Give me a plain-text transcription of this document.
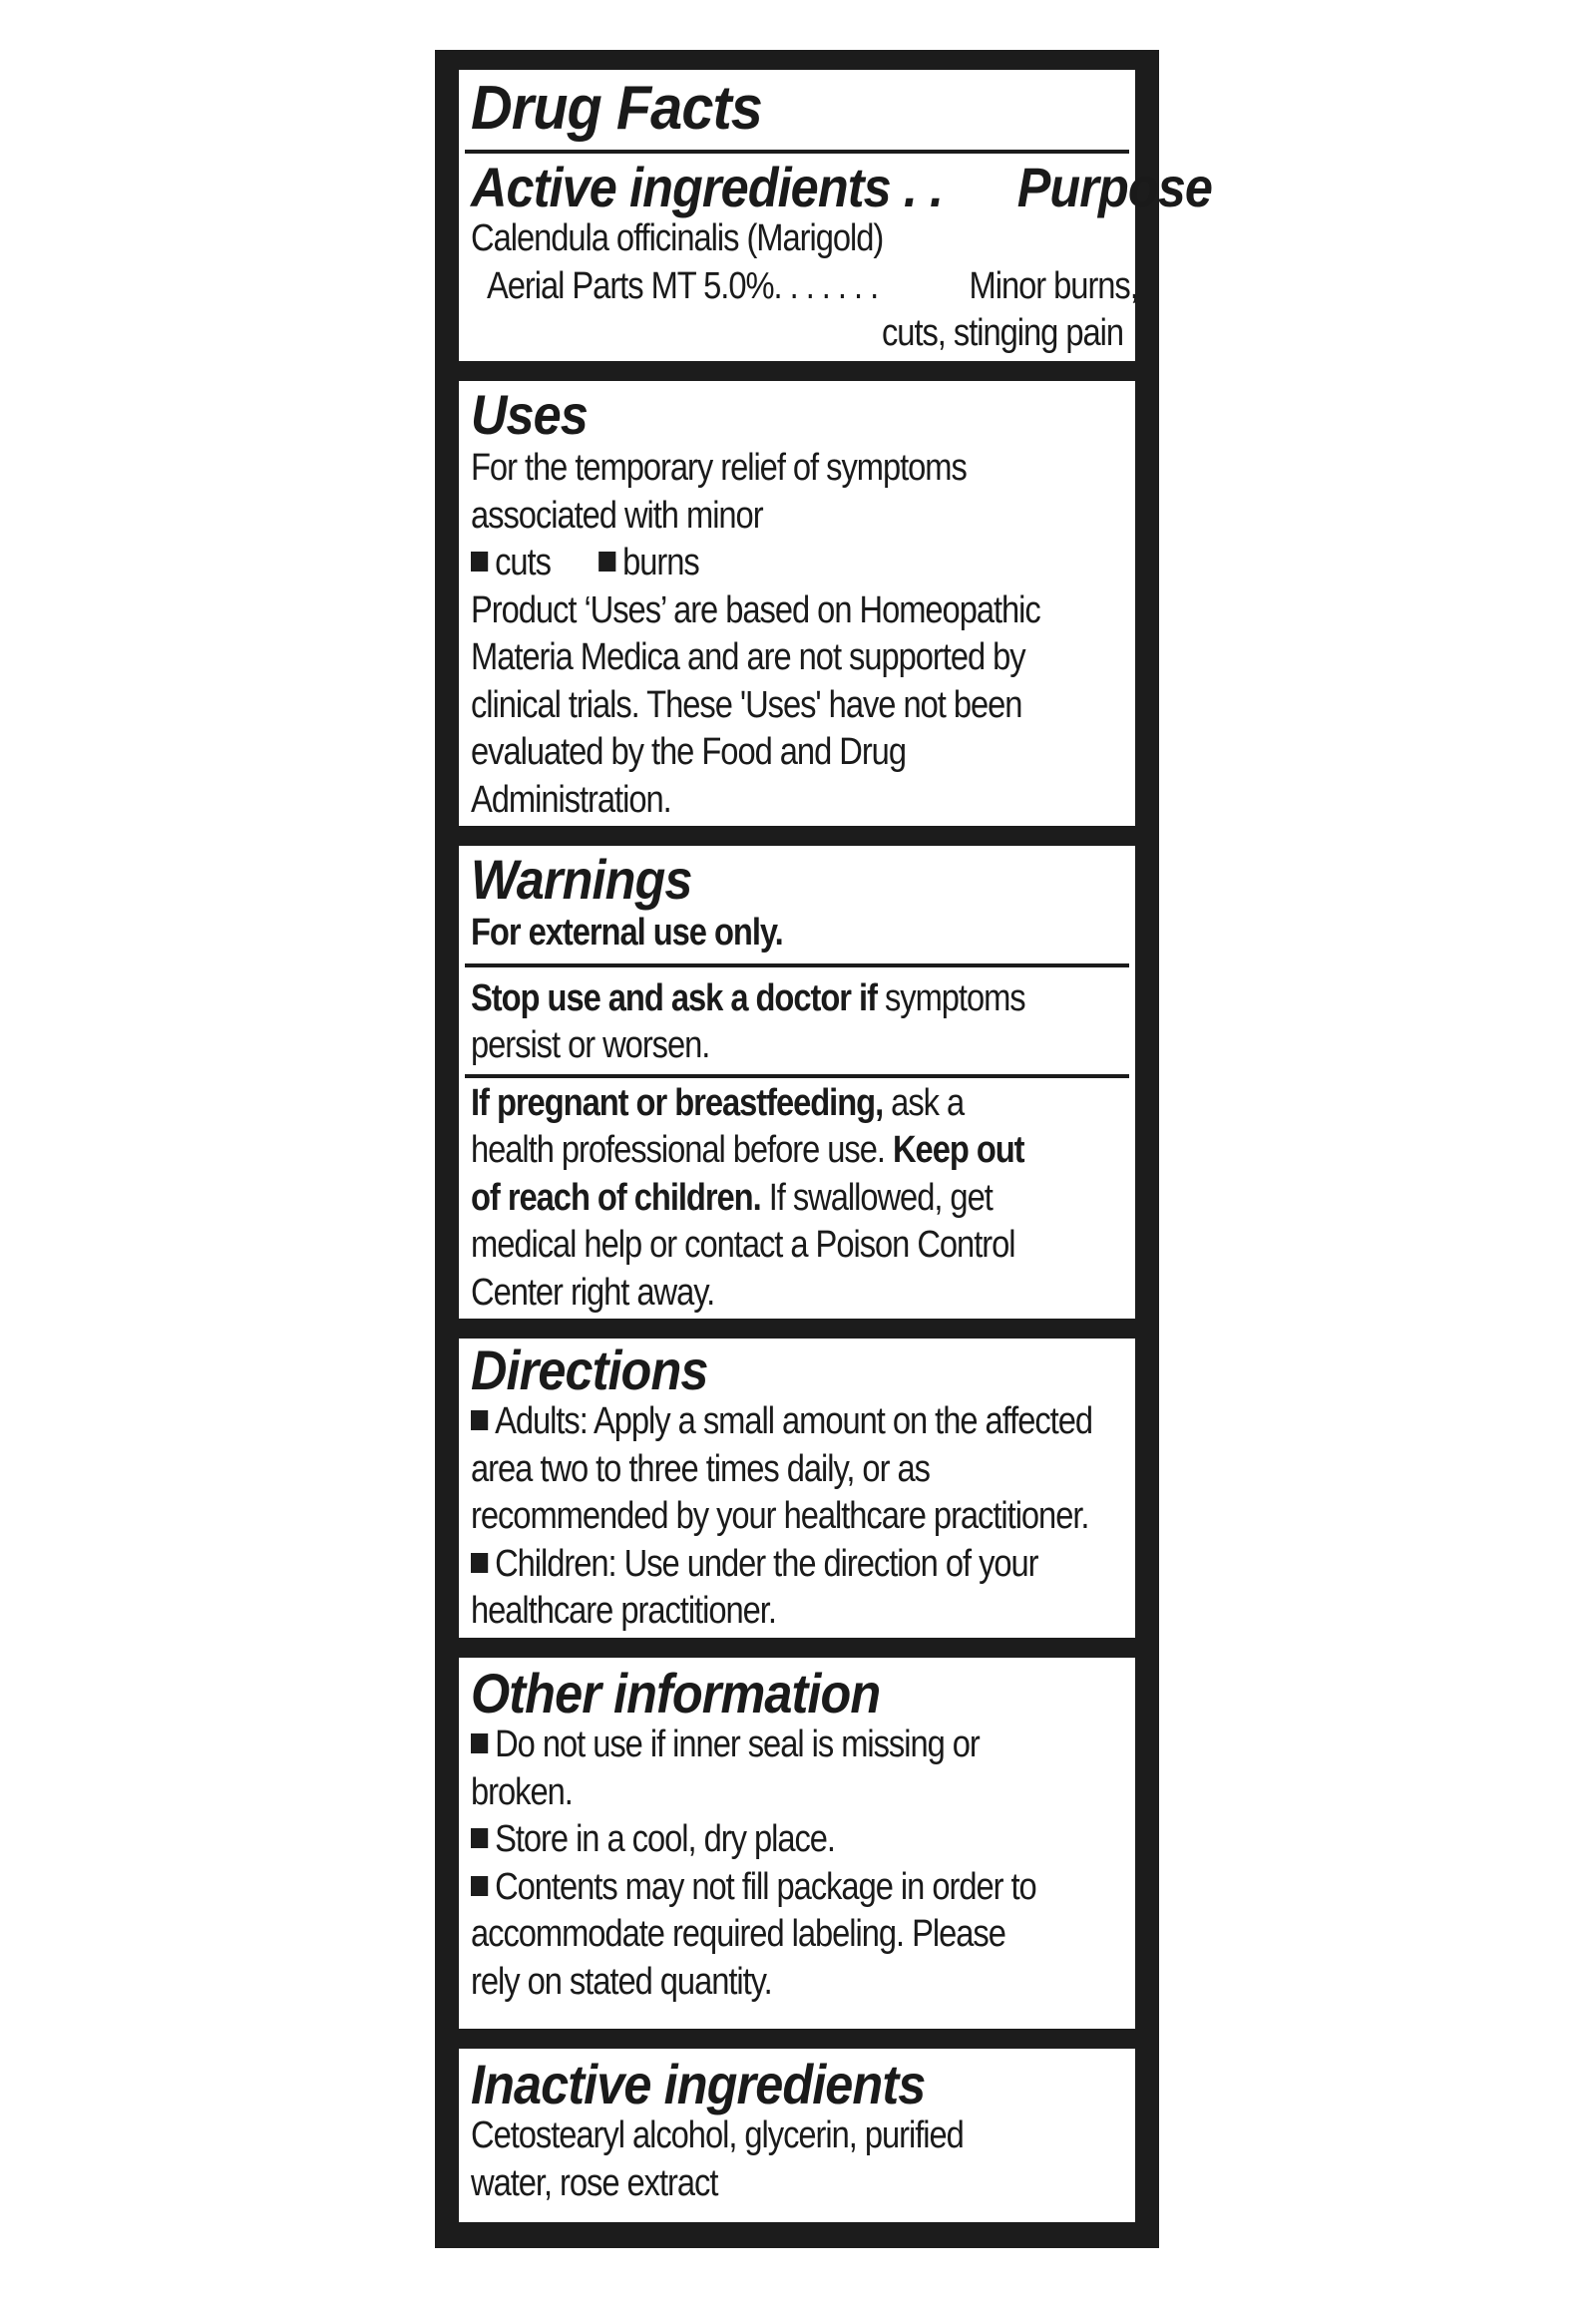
Drug Facts
Active ingredients . . Purpose
Calendula officinalis (Marigold)
Aerial Parts MT 5.0%. . . . . . . Minor burns,
cuts, stinging pain
Uses
For the temporary relief of symptoms
associated with minor
cuts burns
Product ‘Uses’ are based on Homeopathic
Materia Medica and are not supported by
clinical trials. These 'Uses' have not been
evaluated by the Food and Drug
Administration.
Warnings
For external use only.
Stop use and ask a doctor if symptoms
persist or worsen.
If pregnant or breastfeeding, ask a
health professional before use. Keep out
of reach of children. If swallowed, get
medical help or contact a Poison Control
Center right away.
Directions
Adults: Apply a small amount on the affected
area two to three times daily, or as
recommended by your healthcare practitioner.
Children: Use under the direction of your
healthcare practitioner.
Other information
Do not use if inner seal is missing or
broken.
Store in a cool, dry place.
Contents may not fill package in order to
accommodate required labeling. Please
rely on stated quantity.
Inactive ingredients
Cetostearyl alcohol, glycerin, purified
water, rose extract
